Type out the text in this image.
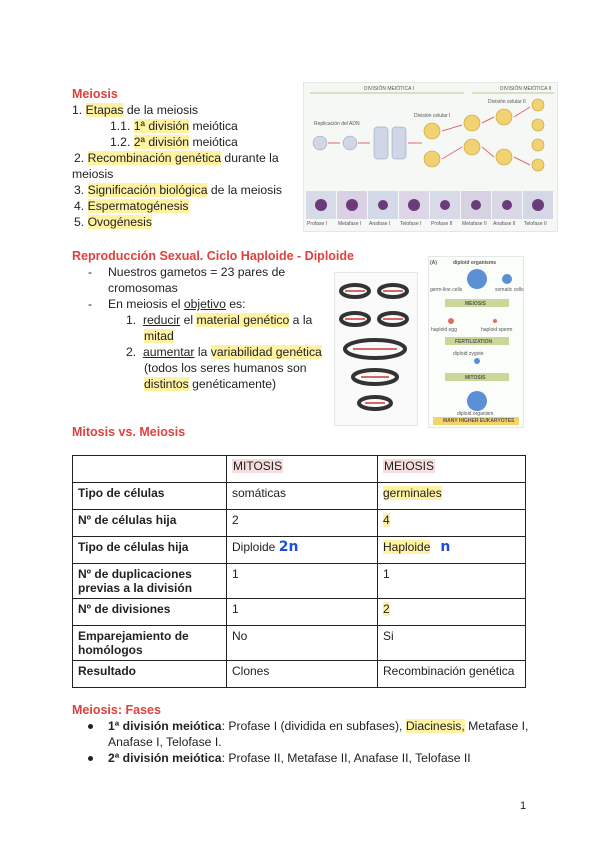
Meiosis
1. Etapas de la meiosis
1.1. 1ª división meiótica
1.2. 2ª división meiótica
2. Recombinación genética durante la
meiosis
3. Significación biológica de la meiosis
4. Espermatogénesis
5. Ovogénesis
DIVISIÓN MEIÓTICA I	DIVISIÓN MEIÓTICA II
Replicación del ADN
División celular I
División celular II
Profase I Metafase I Anafase I Telofase I Profase II Metafase II Anafase II Telofase II
Reproducción Sexual. Ciclo Haploide - Diploide
- Nuestros gametos = 23 pares de
cromosomas
- En meiosis el objetivo es:
1. reducir el material genético a la
mitad
2. aumentar la variabilidad genética
(todos los seres humanos son
distintos genéticamente)
(A)	diploid organisms
germ-line cells	somatic cells
MEIOSIS
haploid egg	haploid sperm
FERTILIZATION
diploid zygote
MITOSIS
diploid organism
MANY HIGHER EUKARYOTES
Mitosis vs. Meiosis
	MITOSIS	MEIOSIS
Tipo de células	somáticas	germinales
Nº de células hija	2	4
Tipo de células hija	Diploide 2n	Haploide n
Nº de duplicaciones previas a la división	1	1
Nº de divisiones	1	2
Emparejamiento de homólogos	No	Si
Resultado	Clones	Recombinación genética
Meiosis: Fases
1ª división meiótica: Profase I (dividida en subfases), Diacinesis, Metafase I,
Anafase I, Telofase I.
2ª división meiótica: Profase II, Metafase II, Anafase II, Telofase II
1
